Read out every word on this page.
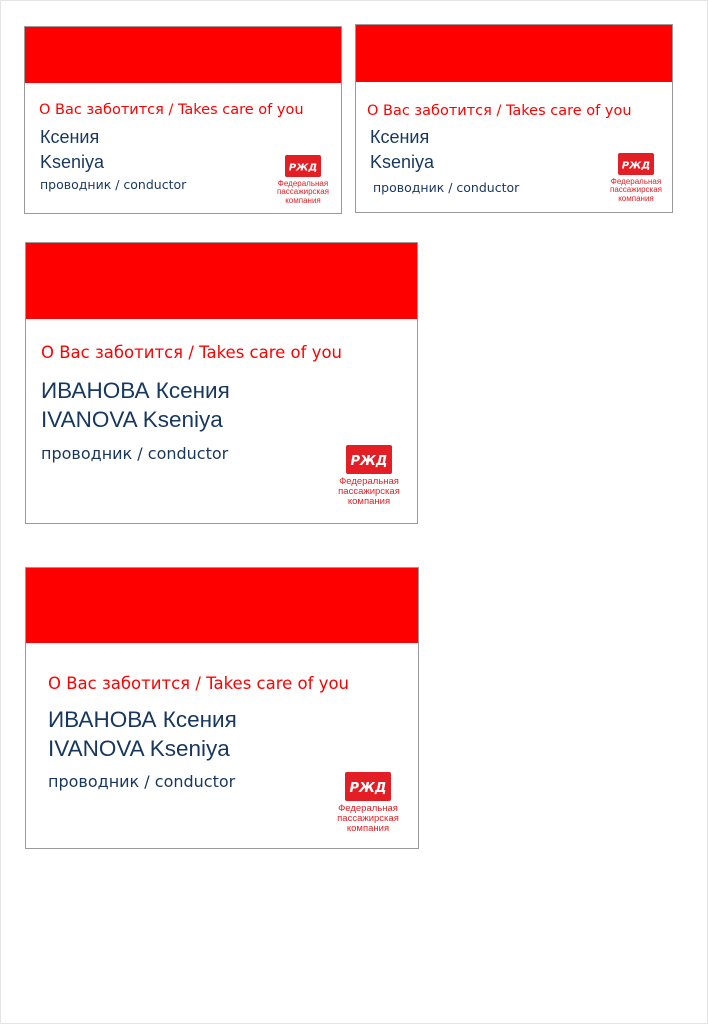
О Вас заботится / Takes care of you

Ксения

Kseniya

проводник / conductor

РЖД
Федеральная
пассажирская
компания

О Вас заботится / Takes care of you

Ксения

Kseniya

проводник / conductor

РЖД
Федеральная
пассажирская
компания

О Вас заботится / Takes care of you

ИВАНОВА Ксения

IVANOVA Kseniya

проводник / conductor	РЖД
Федеральная
пассажирская
компания

О Вас заботится / Takes care of you

ИВАНОВА Ксения

IVANOVA Kseniya

проводник / conductor	РЖД
Федеральная
пассажирская
компания
